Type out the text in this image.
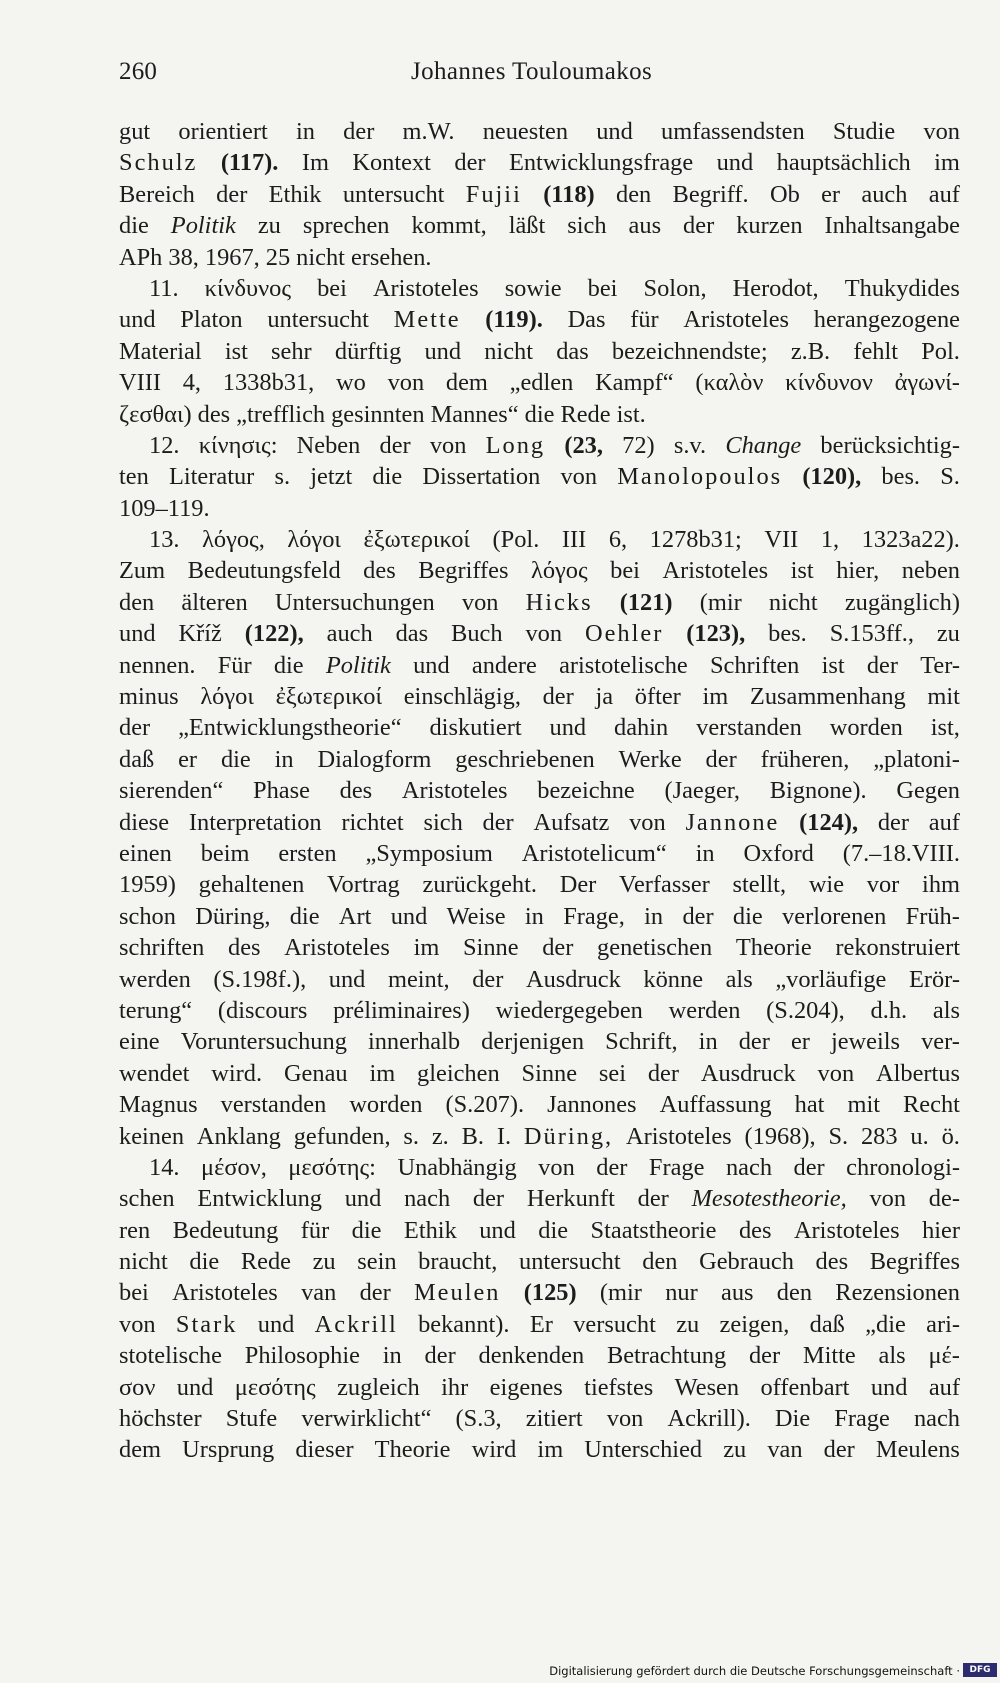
260	Johannes Touloumakos
gut orientiert in der m.W. neuesten und umfassendsten Studie von
Schulz (117). Im Kontext der Entwicklungsfrage und hauptsächlich im
Bereich der Ethik untersucht Fujii (118) den Begriff. Ob er auch auf
die Politik zu sprechen kommt, läßt sich aus der kurzen Inhaltsangabe
APh 38, 1967, 25 nicht ersehen.
11. κίνδυνος bei Aristoteles sowie bei Solon, Herodot, Thukydides
und Platon untersucht Mette (119). Das für Aristoteles herangezogene
Material ist sehr dürftig und nicht das bezeichnendste; z.B. fehlt Pol.
VIII 4, 1338b31, wo von dem „edlen Kampf“ (καλὸν κίνδυνον ἀγωνί-
ζεσθαι) des „trefflich gesinnten Mannes“ die Rede ist.
12. κίνησις: Neben der von Long (23, 72) s.v. Change berücksichtig-
ten Literatur s. jetzt die Dissertation von Manolopoulos (120), bes. S.
109–119.
13. λόγος, λόγοι ἐξωτερικοί (Pol. III 6, 1278b31; VII 1, 1323a22).
Zum Bedeutungsfeld des Begriffes λόγος bei Aristoteles ist hier, neben
den älteren Untersuchungen von Hicks (121) (mir nicht zugänglich)
und Kříž (122), auch das Buch von Oehler (123), bes. S.153ff., zu
nennen. Für die Politik und andere aristotelische Schriften ist der Ter-
minus λόγοι ἐξωτερικοί einschlägig, der ja öfter im Zusammenhang mit
der „Entwicklungstheorie“ diskutiert und dahin verstanden worden ist,
daß er die in Dialogform geschriebenen Werke der früheren, „platoni-
sierenden“ Phase des Aristoteles bezeichne (Jaeger, Bignone). Gegen
diese Interpretation richtet sich der Aufsatz von Jannone (124), der auf
einen beim ersten „Symposium Aristotelicum“ in Oxford (7.–18.VIII.
1959) gehaltenen Vortrag zurückgeht. Der Verfasser stellt, wie vor ihm
schon Düring, die Art und Weise in Frage, in der die verlorenen Früh-
schriften des Aristoteles im Sinne der genetischen Theorie rekonstruiert
werden (S.198f.), und meint, der Ausdruck könne als „vorläufige Erör-
terung“ (discours préliminaires) wiedergegeben werden (S.204), d.h. als
eine Voruntersuchung innerhalb derjenigen Schrift, in der er jeweils ver-
wendet wird. Genau im gleichen Sinne sei der Ausdruck von Albertus
Magnus verstanden worden (S.207). Jannones Auffassung hat mit Recht
keinen Anklang gefunden, s. z. B. I. Düring, Aristoteles (1968), S. 283 u. ö.
14. μέσον, μεσότης: Unabhängig von der Frage nach der chronologi-
schen Entwicklung und nach der Herkunft der Mesotestheorie, von de-
ren Bedeutung für die Ethik und die Staatstheorie des Aristoteles hier
nicht die Rede zu sein braucht, untersucht den Gebrauch des Begriffes
bei Aristoteles van der Meulen (125) (mir nur aus den Rezensionen
von Stark und Ackrill bekannt). Er versucht zu zeigen, daß „die ari-
stotelische Philosophie in der denkenden Betrachtung der Mitte als μέ-
σον und μεσότης zugleich ihr eigenes tiefstes Wesen offenbart und auf
höchster Stufe verwirklicht“ (S.3, zitiert von Ackrill). Die Frage nach
dem Ursprung dieser Theorie wird im Unterschied zu van der Meulens
Digitalisierung gefördert durch die Deutsche Forschungsgemeinschaft ·	DFG
